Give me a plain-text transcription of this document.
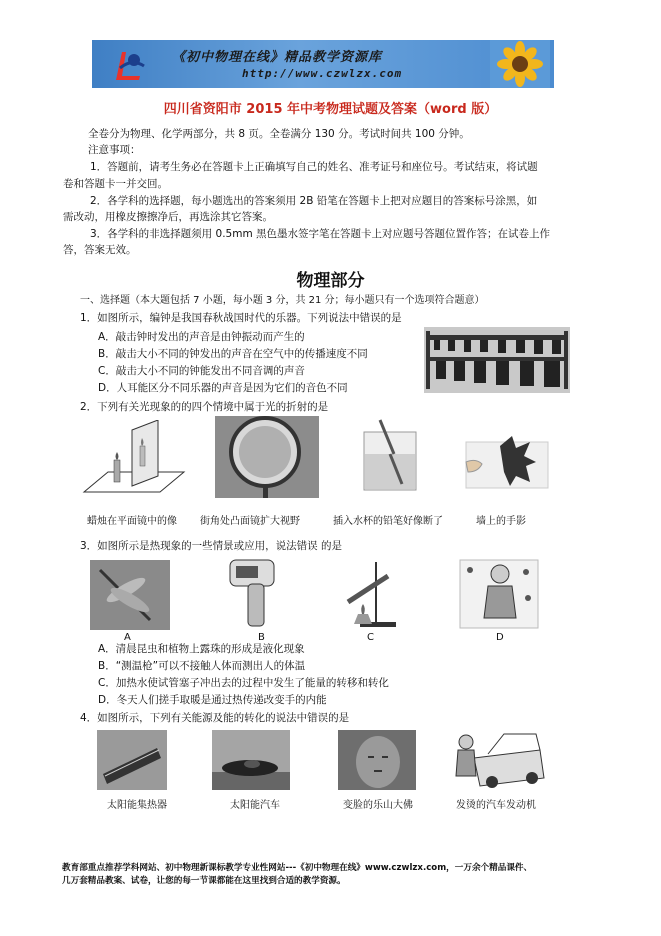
《初中物理在线》精品教学资源库
http://www.czwlzx.com
四川省资阳市 2015 年中考物理试题及答案（word 版）
全卷分为物理、化学两部分，共 8 页。全卷满分 130 分。考试时间共 100 分钟。
注意事项：
1．答题前，请考生务必在答题卡上正确填写自己的姓名、准考证号和座位号。考试结束，将试题
卷和答题卡一并交回。
2．各学科的选择题，每小题选出的答案须用 2B 铅笔在答题卡上把对应题目的答案标号涂黑，如
需改动，用橡皮擦擦净后，再选涂其它答案。
3．各学科的非选择题须用 0.5mm 黑色墨水签字笔在答题卡上对应题号答题位置作答；在试卷上作
答，答案无效。
物理部分
一、选择题（本大题包括 7 小题，每小题 3 分，共 21 分；每小题只有一个选项符合题意）
1．如图所示，编钟是我国春秋战国时代的乐器。下列说法中错误的是
A．敲击钟时发出的声音是由钟振动而产生的
B．敲击大小不同的钟发出的声音在空气中的传播速度不同
C．敲击大小不同的钟能发出不同音调的声音
D．人耳能区分不同乐器的声音是因为它们的音色不同
2．下列有关光现象的的四个情境中属于光的折射的是
蜡烛在平面镜中的像 街角处凸面镜扩大视野	插入水杯的铅笔好像断了	墙上的手影
3．如图所示是热现象的一些情景或应用，说法错误 的是
A	B	C	D
A．清晨昆虫和植物上露珠的形成是液化现象
B．“测温枪”可以不接触人体而测出人的体温
C．加热水使试管塞子冲出去的过程中发生了能量的转移和转化
D．冬天人们搓手取暖是通过热传递改变手的内能
4．如图所示，下列有关能源及能的转化的说法中错误的是
太阳能集热器	太阳能汽车	变脸的乐山大佛	发烫的汽车发动机
教育部重点推荐学科网站、初中物理新课标教学专业性网站---《初中物理在线》www.czwlzx.com，一万余个精品课件、
几万套精品教案、试卷，让您的每一节课都能在这里找到合适的教学资源。
